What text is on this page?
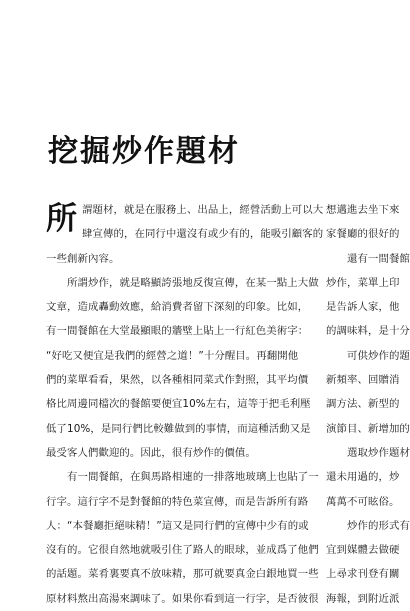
挖掘炒作題材
所 謂題材，就是在服務上、出品上，經營活動上可以大
肆宣傳的，在同行中還沒有或少有的，能吸引顧客的
一些創新內容。
所謂炒作，就是略顯誇張地反復宣傳，在某一點上大做
文章，造成轟動效應，給消費者留下深刻的印象。比如，
有一間餐館在大堂最顯眼的牆壁上貼上一行紅色美術字：
“好吃又便宜是我們的經營之道！”十分醒目。再翻開他
們的菜單看看，果然，以各種相同菜式作對照，其平均價
格比周邊同檔次的餐館要便宜10%左右，這等于把毛利壓
低了10%，是同行們比較難做到的事情，而這種活動又是
最受客人們歡迎的。因此，很有炒作的價值。
有一間餐館，在與馬路相連的一排落地玻璃上也貼了一
行字。這行字不是對餐館的特色菜宣傳，而是告訴所有路
人：“本餐廳拒絕味精！”這又是同行們的宣傳中少有的或
沒有的。它很自然地就吸引住了路人的眼球，並成爲了他們
的話題。菜肴裏要真不放味精，那可就要真金白銀地買一些
原材料熬出高湯來調味了。如果你看到這一行字，是否彼很
想邁進去坐下來
家餐廳的很好的
還有一間餐館
炒作，菜單上印
是告訴人家，他
的調味料，是十分
可供炒作的題
新頻率、回贈消
調方法、新型的
演節目、新增加的
選取炒作題材
還未用過的，炒
萬萬不可眩俗。
炒作的形式有
宜到媒體去做硬
上尋求刊登有關
海報，到附近派
